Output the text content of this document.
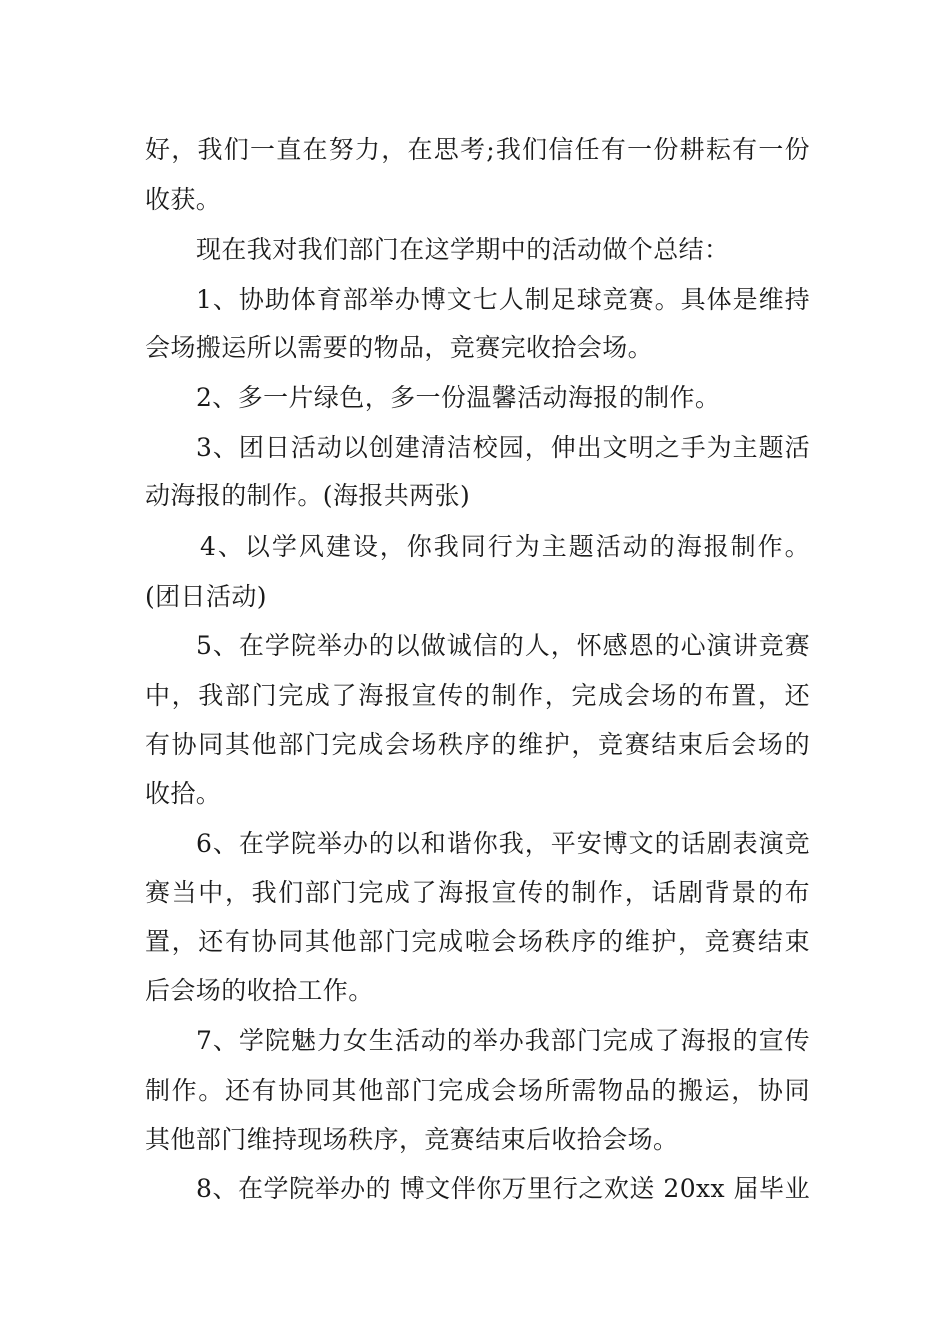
好，我们一直在努力，在思考;我们信任有一份耕耘有一份
收获。
现在我对我们部门在这学期中的活动做个总结：
1、协助体育部举办博文七人制足球竞赛。具体是维持
会场搬运所以需要的物品，竞赛完收拾会场。
2、多一片绿色，多一份温馨活动海报的制作。
3、团日活动以创建清洁校园，伸出文明之手为主题活
动海报的制作。(海报共两张)
4、以学风建设，你我同行为主题活动的海报制作。
(团日活动)
5、在学院举办的以做诚信的人，怀感恩的心演讲竞赛
中，我部门完成了海报宣传的制作，完成会场的布置，还
有协同其他部门完成会场秩序的维护，竞赛结束后会场的
收拾。
6、在学院举办的以和谐你我，平安博文的话剧表演竞
赛当中，我们部门完成了海报宣传的制作，话剧背景的布
置，还有协同其他部门完成啦会场秩序的维护，竞赛结束
后会场的收拾工作。
7、学院魅力女生活动的举办我部门完成了海报的宣传
制作。还有协同其他部门完成会场所需物品的搬运，协同
其他部门维持现场秩序，竞赛结束后收拾会场。
8、在学院举办的 博文伴你万里行之欢送 20xx 届毕业
